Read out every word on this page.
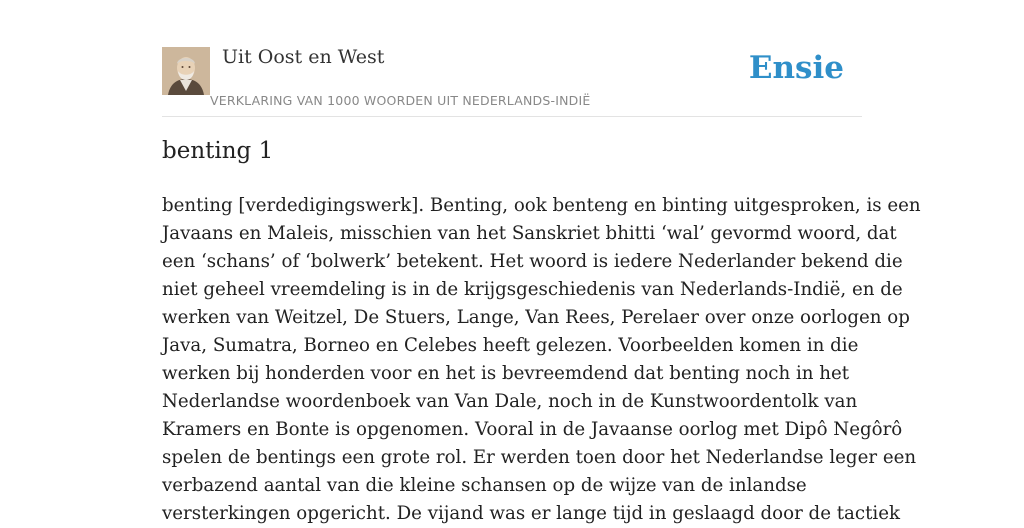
Uit Oost en West
VERKLARING VAN 1000 WOORDEN UIT NEDERLANDS-INDIË
Ensie
benting 1

benting [verdedigingswerk]. Benting, ook benteng en binting uitgesproken, is een
Javaans en Maleis, misschien van het Sanskriet bhitti ‘wal’ gevormd woord, dat
een ‘schans’ of ‘bolwerk’ betekent. Het woord is iedere Nederlander bekend die
niet geheel vreemdeling is in de krijgsgeschiedenis van Nederlands-Indië, en de
werken van Weitzel, De Stuers, Lange, Van Rees, Perelaer over onze oorlogen op
Java, Sumatra, Borneo en Celebes heeft gelezen. Voorbeelden komen in die
werken bij honderden voor en het is bevreemdend dat benting noch in het
Nederlandse woordenboek van Van Dale, noch in de Kunstwoordentolk van
Kramers en Bonte is opgenomen. Vooral in de Javaanse oorlog met Dipô Negôrô
spelen de bentings een grote rol. Er werden toen door het Nederlandse leger een
verbazend aantal van die kleine schansen op de wijze van de inlandse
versterkingen opgericht. De vijand was er lange tijd in geslaagd door de tactiek
